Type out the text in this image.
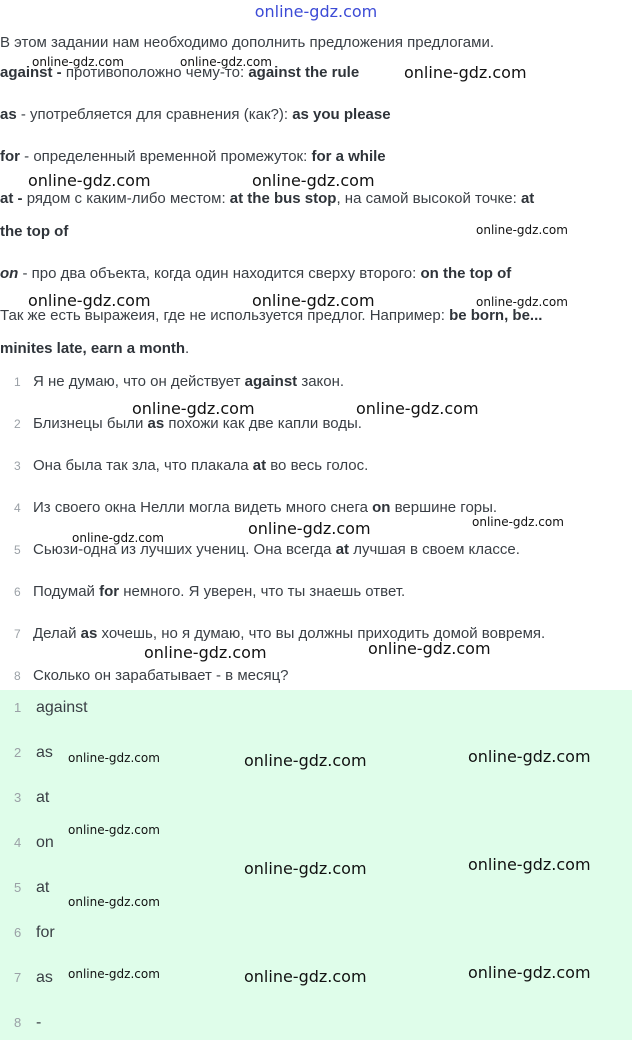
online-gdz.com

В этом задании нам необходимо дополнить предложения предлогами.

against - противоположно чему-то: against the rule

as - употребляется для сравнения (как?): as you please

for - определенный временной промежуток: for a while

at - рядом с каким-либо местом: at the bus stop, на самой высокой точке: at

the top of

on - про два объекта, когда один находится сверху второго: on the top of

Так же есть выражеия, где не используется предлог. Например: be born, be...

minites late, earn a month.

1 Я не думаю, что он действует against закон.
2 Близнецы были as похожи как две капли воды.
3 Она была так зла, что плакала at во весь голос.
4 Из своего окна Нелли могла видеть много снега on вершине горы.
5 Сьюзи-одна из лучших учениц. Она всегда at лучшая в своем классе.
6 Подумай for немного. Я уверен, что ты знаешь ответ.
7 Делай as хочешь, но я думаю, что вы должны приходить домой вовремя.
8 Сколько он зарабатывает - в месяц?
1 against
2 as
3 at
4 on
5 at
6 for
7 as
8 -
online-gdz.com	online-gdz.com
online-gdz.com
online-gdz.com	online-gdz.com
online-gdz.com
online-gdz.com	online-gdz.com	online-gdz.com
online-gdz.com	online-gdz.com
online-gdz.com
online-gdz.com
online-gdz.com
online-gdz.com
online-gdz.com
online-gdz.com	online-gdz.com
online-gdz.com
online-gdz.com
online-gdz.com
online-gdz.com
online-gdz.com
online-gdz.com	online-gdz.com
online-gdz.com
